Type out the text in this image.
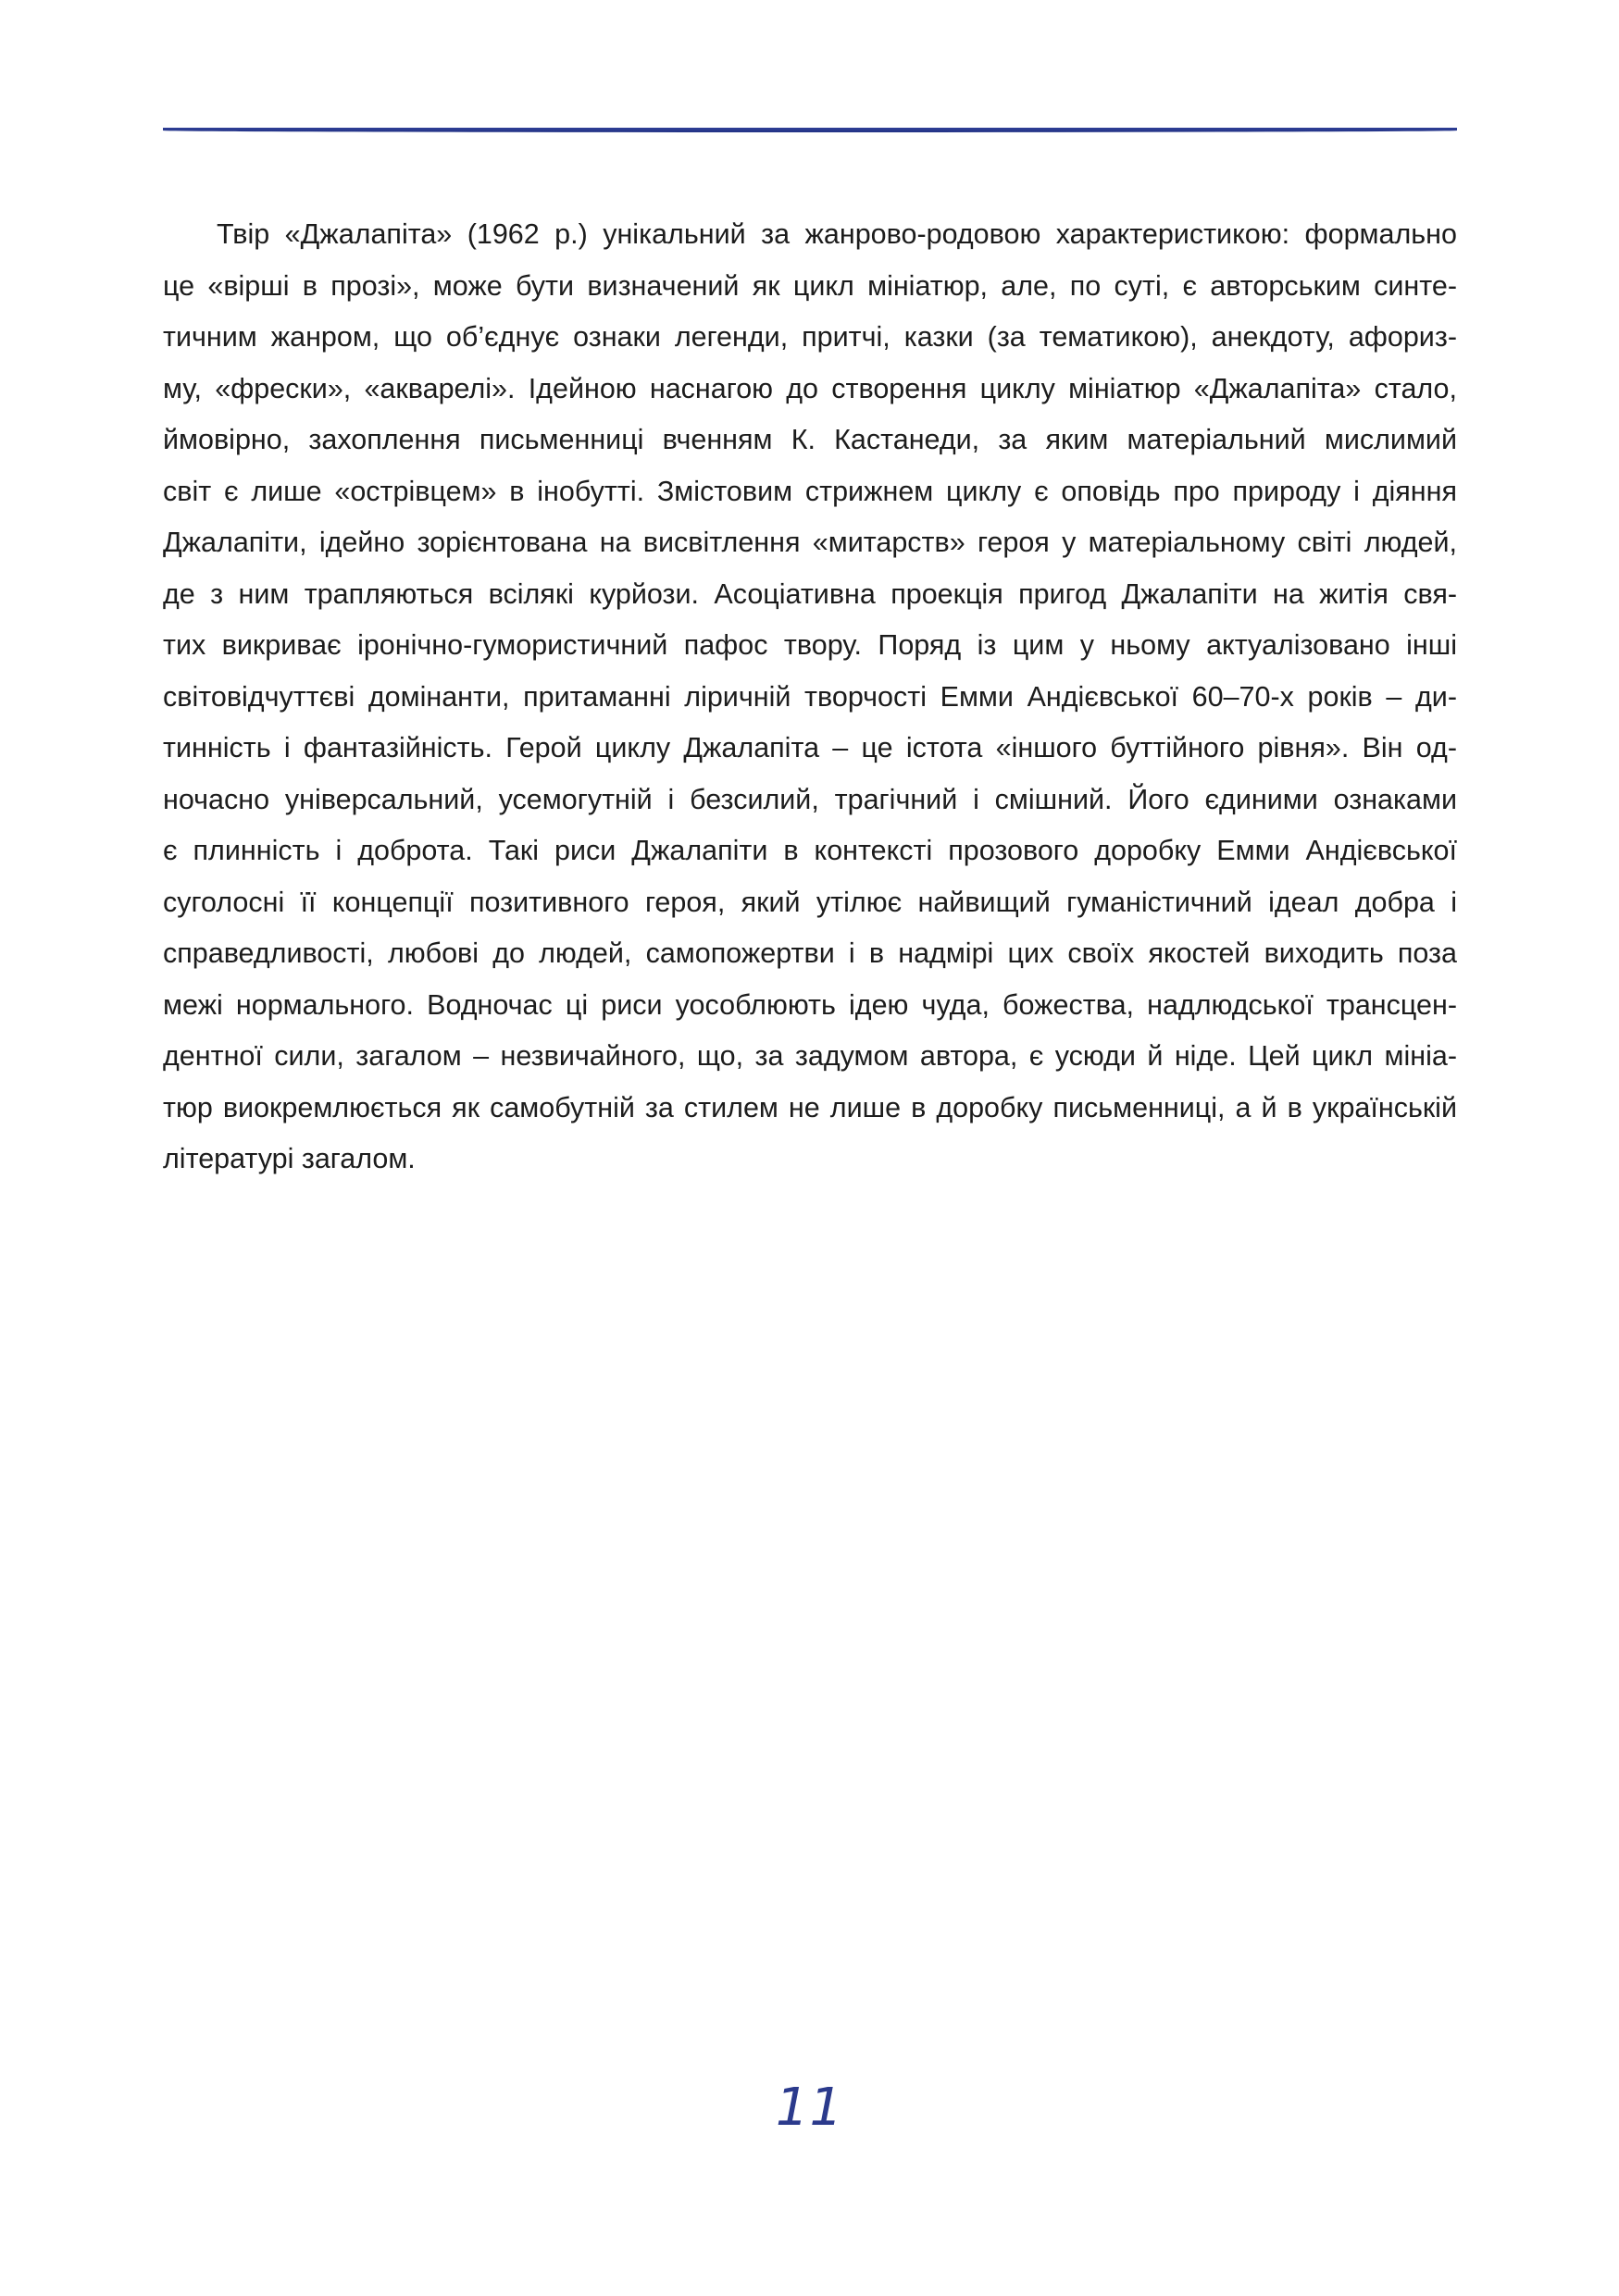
Твір «Джалапіта» (1962 р.) унікальний за жанрово-родовою характеристикою: формально
це «вірші в прозі», може бути визначений як цикл мініатюр, але, по суті, є авторським синте-
тичним жанром, що об’єднує ознаки легенди, притчі, казки (за тематикою), анекдоту, афориз-
му, «фрески», «акварелі». Ідейною наснагою до створення циклу мініатюр «Джалапіта» стало,
ймовірно, захоплення письменниці вченням К. Кастанеди, за яким матеріальний мислимий
світ є лише «острівцем» в інобутті. Змістовим стрижнем циклу є оповідь про природу і діяння
Джалапіти, ідейно зорієнтована на висвітлення «митарств» героя у матеріальному світі людей,
де з ним трапляються всілякі курйози. Асоціативна проекція пригод Джалапіти на житія свя-
тих викриває іронічно-гумористичний пафос твору. Поряд із цим у ньому актуалізовано інші
світовідчуттєві домінанти, притаманні ліричній творчості Емми Андієвської 60–70-х років – ди-
тинність і фантазійність. Герой циклу Джалапіта – це істота «іншого буттійного рівня». Він од-
ночасно універсальний, усемогутній і безсилий, трагічний і смішний. Його єдиними ознаками
є плинність і доброта. Такі риси Джалапіти в контексті прозового доробку Емми Андієвської
суголосні її концепції позитивного героя, який утілює найвищий гуманістичний ідеал добра і
справедливості, любові до людей, самопожертви і в надмірі цих своїх якостей виходить поза
межі нормального. Водночас ці риси уособлюють ідею чуда, божества, надлюдської трансцен-
дентної сили, загалом – незвичайного, що, за задумом автора, є усюди й ніде. Цей цикл мініа-
тюр виокремлюється як самобутній за стилем не лише в доробку письменниці, а й в українській
літературі загалом.
11
